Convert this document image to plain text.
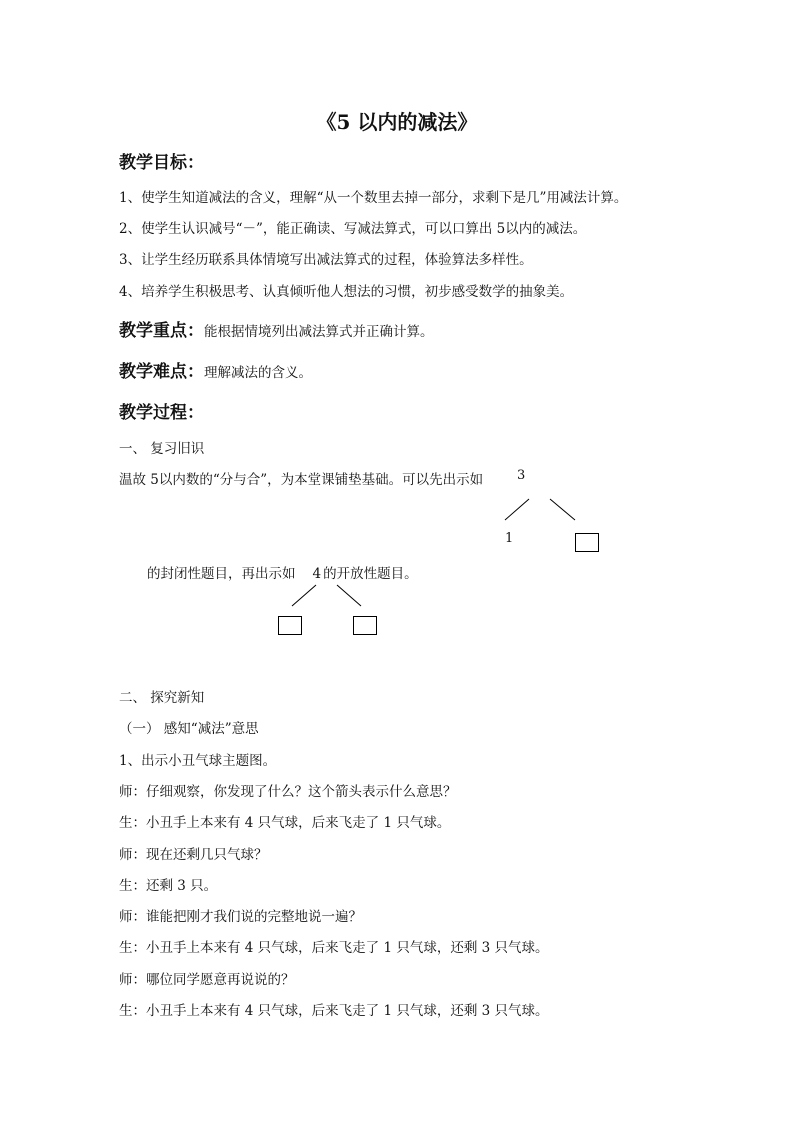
《5 以内的减法》
教学目标：
1、使学生知道减法的含义，理解“从一个数里去掉一部分，求剩下是几”用减法计算。
2、使学生认识减号“－”，能正确读、写减法算式，可以口算出 5以内的减法。
3、让学生经历联系具体情境写出减法算式的过程，体验算法多样性。
4、培养学生积极思考、认真倾听他人想法的习惯，初步感受数学的抽象美。
教学重点：能根据情境列出减法算式并正确计算。
教学难点：理解减法的含义。
教学过程：
一、 复习旧识
温故 5以内数的“分与合”，为本堂课铺垫基础。可以先出示如	3
1
的封闭性题目，再出示如 4 的开放性题目。
二、 探究新知
（一） 感知“减法”意思
1、出示小丑气球主题图。
师：仔细观察，你发现了什么？这个箭头表示什么意思？
生：小丑手上本来有 4 只气球，后来飞走了 1 只气球。
师：现在还剩几只气球？
生：还剩 3 只。
师：谁能把刚才我们说的完整地说一遍？
生：小丑手上本来有 4 只气球，后来飞走了 1 只气球，还剩 3 只气球。
师：哪位同学愿意再说说的？
生：小丑手上本来有 4 只气球，后来飞走了 1 只气球，还剩 3 只气球。
